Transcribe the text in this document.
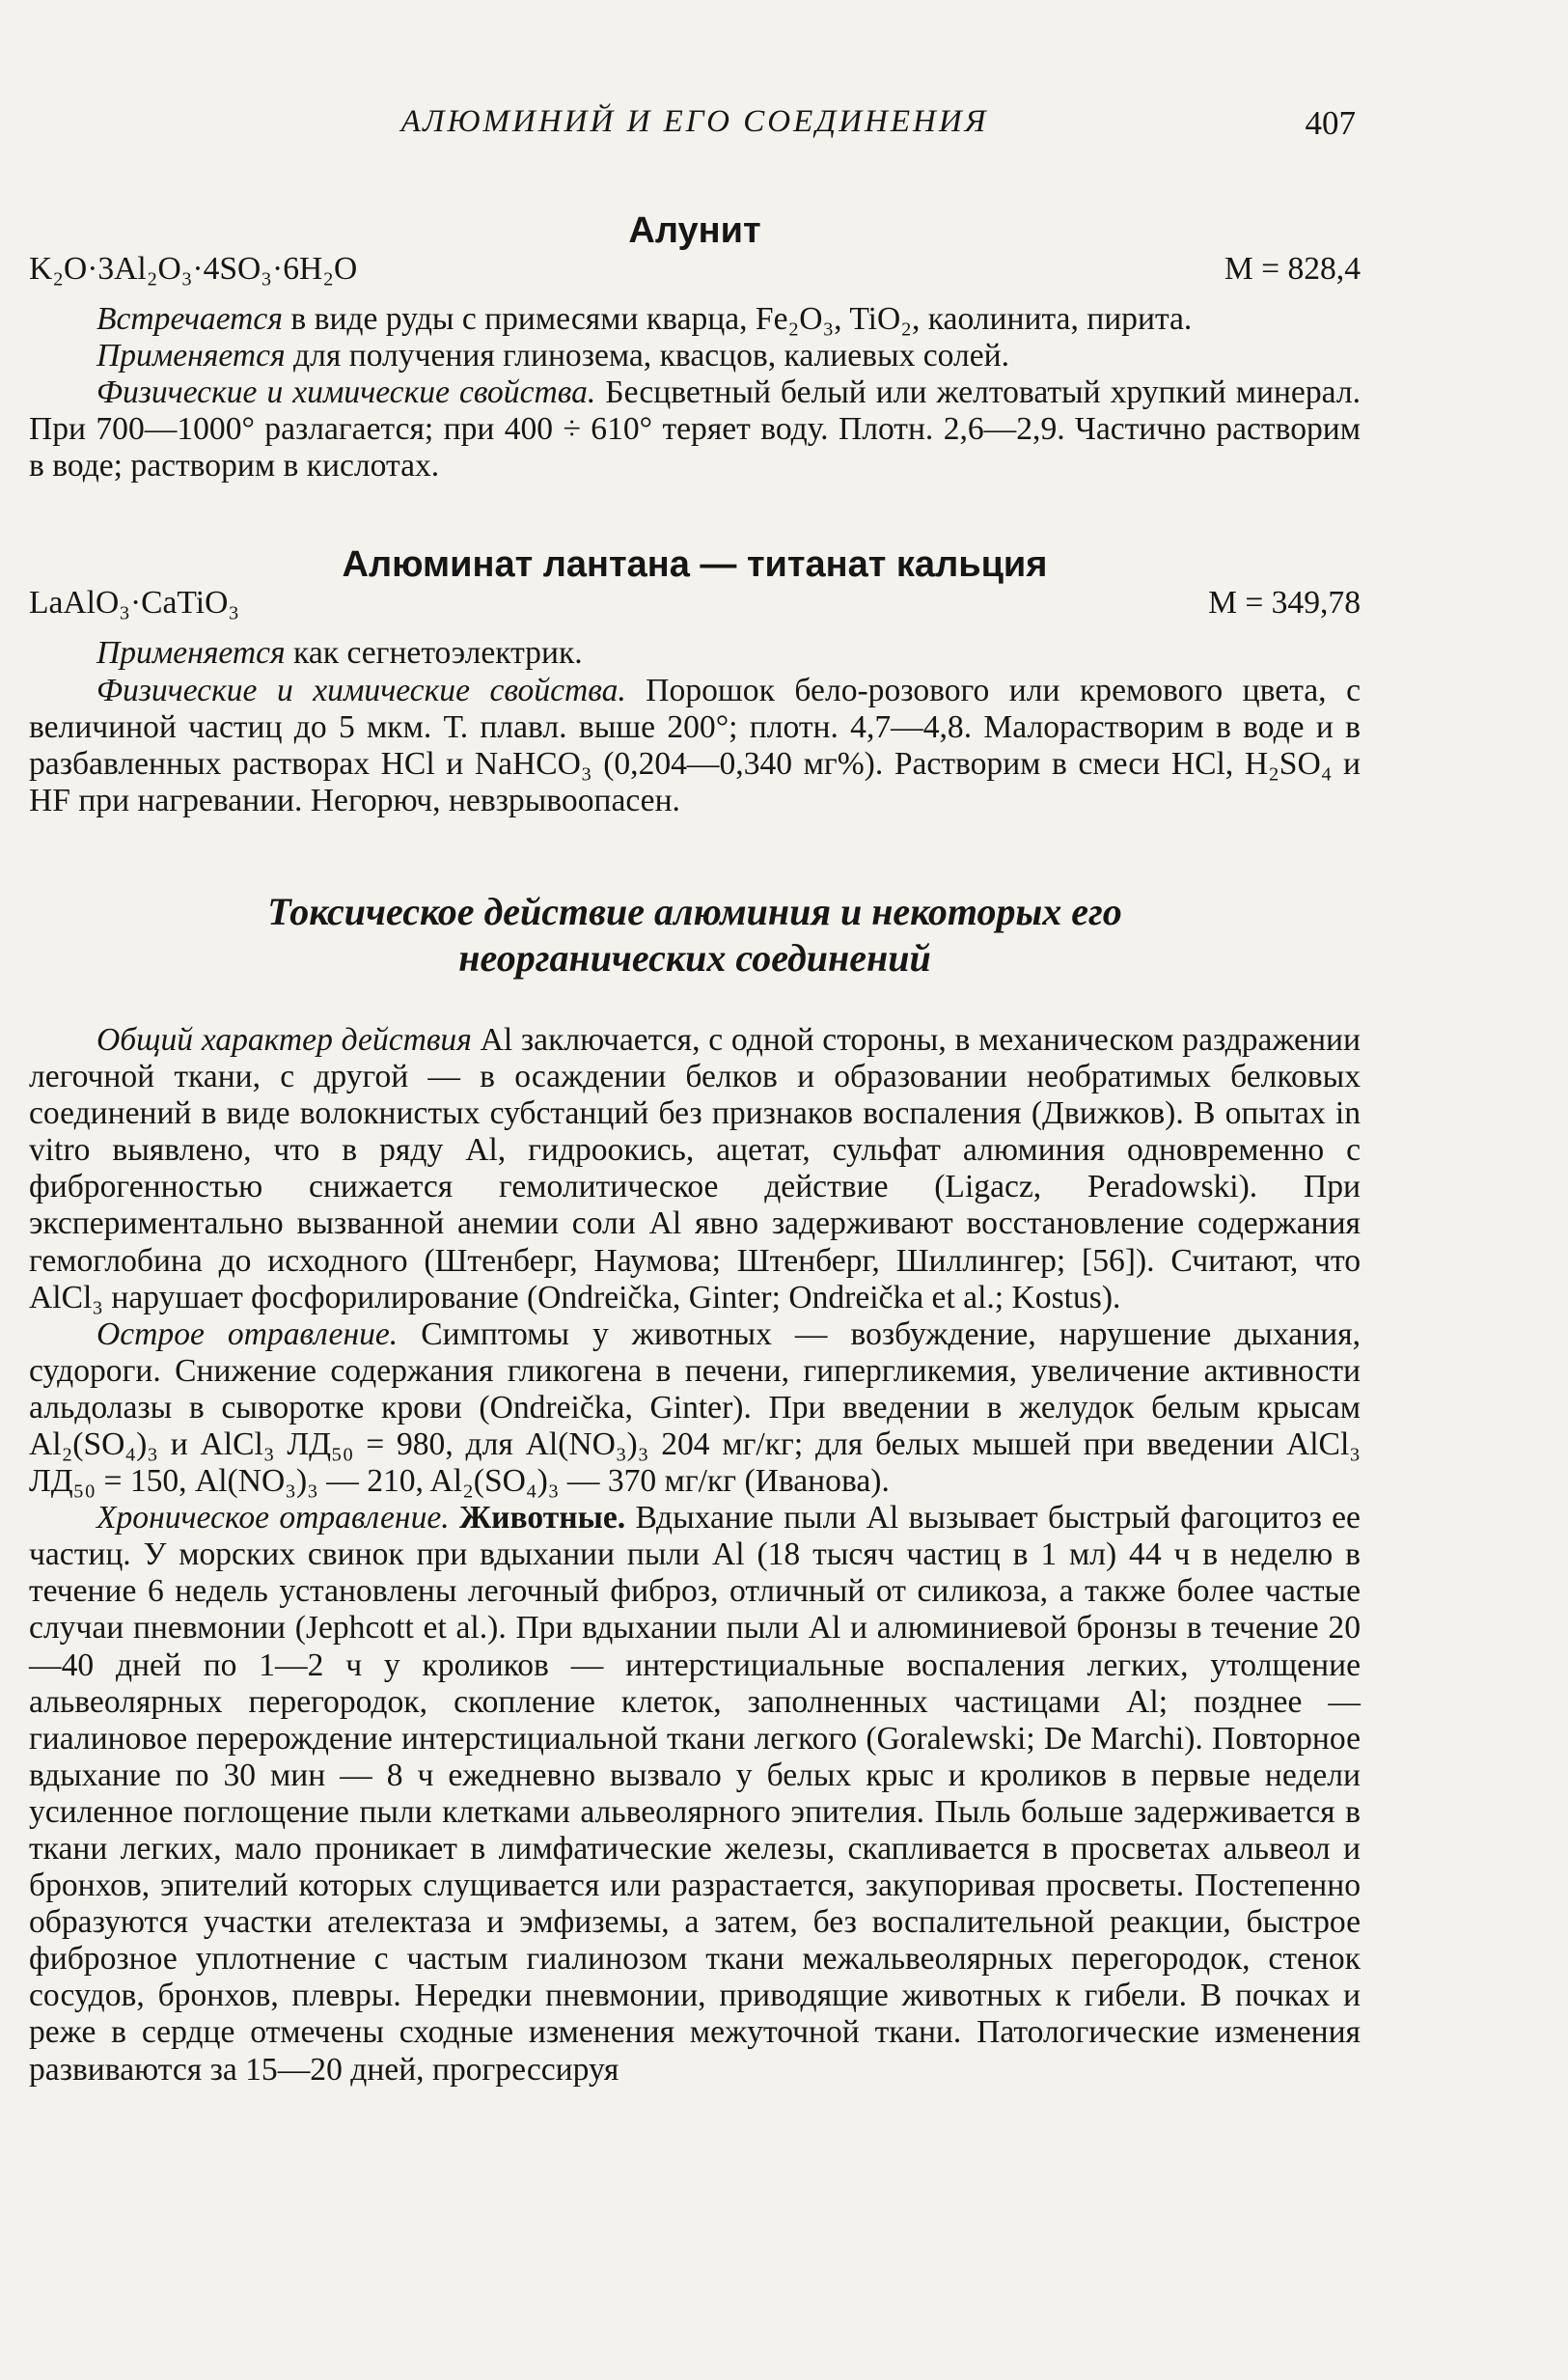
АЛЮМИНИЙ И ЕГО СОЕДИНЕНИЯ	407
Алунит
K₂O·3Al₂O₃·4SO₃·6H₂O	M = 828,4

Встречается в виде руды с примесями кварца, Fe₂O₃, TiO₂, каолинита, пирита.

Применяется для получения глинозема, квасцов, калиевых солей.

Физические и химические свойства. Бесцветный белый или желтоватый хрупкий минерал. При 700—1000° разлагается; при 400 ÷ 610° теряет воду. Плотн. 2,6—2,9. Частично растворим в воде; растворим в кислотах.

Алюминат лантана — титанат кальция
LaAlO₃·CaTiO₃	M = 349,78

Применяется как сегнетоэлектрик.

Физические и химические свойства. Порошок бело-розового или кремового цвета, с величиной частиц до 5 мкм. Т. плавл. выше 200°; плотн. 4,7—4,8. Малорастворим в воде и в разбавленных растворах HCl и NaHCO₃ (0,204—0,340 мг%). Растворим в смеси HCl, H₂SO₄ и HF при нагревании. Негорюч, невзрывоопасен.

Токсическое действие алюминия и некоторых его
неорганических соединений

Общий характер действия Al заключается, с одной стороны, в механическом раздражении легочной ткани, с другой — в осаждении белков и образовании необратимых белковых соединений в виде волокнистых субстанций без признаков воспаления (Движков). В опытах in vitro выявлено, что в ряду Al, гидроокись, ацетат, сульфат алюминия одновременно с фиброгенностью снижается гемолитическое действие (Ligacz, Peradowski). При экспериментально вызванной анемии соли Al явно задерживают восстановление содержания гемоглобина до исходного (Штенберг, Наумова; Штенберг, Шиллингер; [56]). Считают, что AlCl₃ нарушает фосфорилирование (Ondreička, Ginter; Ondreička et al.; Kostus).

Острое отравление. Симптомы у животных — возбуждение, нарушение дыхания, судороги. Снижение содержания гликогена в печени, гипергликемия, увеличение активности альдолазы в сыворотке крови (Ondreička, Ginter). При введении в желудок белым крысам Al₂(SO₄)₃ и AlCl₃ ЛД₅₀ = 980, для Al(NO₃)₃ 204 мг/кг; для белых мышей при введении AlCl₃ ЛД₅₀ = 150, Al(NO₃)₃ — 210, Al₂(SO₄)₃ — 370 мг/кг (Иванова).

Хроническое отравление. Животные. Вдыхание пыли Al вызывает быстрый фагоцитоз ее частиц. У морских свинок при вдыхании пыли Al (18 тысяч частиц в 1 мл) 44 ч в неделю в течение 6 недель установлены легочный фиброз, отличный от силикоза, а также более частые случаи пневмонии (Jephcott et al.). При вдыхании пыли Al и алюминиевой бронзы в течение 20—40 дней по 1—2 ч у кроликов — интерстициальные воспаления легких, утолщение альвеолярных перегородок, скопление клеток, заполненных частицами Al; позднее — гиалиновое перерождение интерстициальной ткани легкого (Goralewski; De Marchi). Повторное вдыхание по 30 мин — 8 ч ежедневно вызвало у белых крыс и кроликов в первые недели усиленное поглощение пыли клетками альвеолярного эпителия. Пыль больше задерживается в ткани легких, мало проникает в лимфатические железы, скапливается в просветах альвеол и бронхов, эпителий которых слущивается или разрастается, закупоривая просветы. Постепенно образуются участки ателектаза и эмфиземы, а затем, без воспалительной реакции, быстрое фиброзное уплотнение с частым гиалинозом ткани межальвеолярных перегородок, стенок сосудов, бронхов, плевры. Нередки пневмонии, приводящие животных к гибели. В почках и реже в сердце отмечены сходные изменения межуточной ткани. Патологические изменения развиваются за 15—20 дней, прогрессируя
